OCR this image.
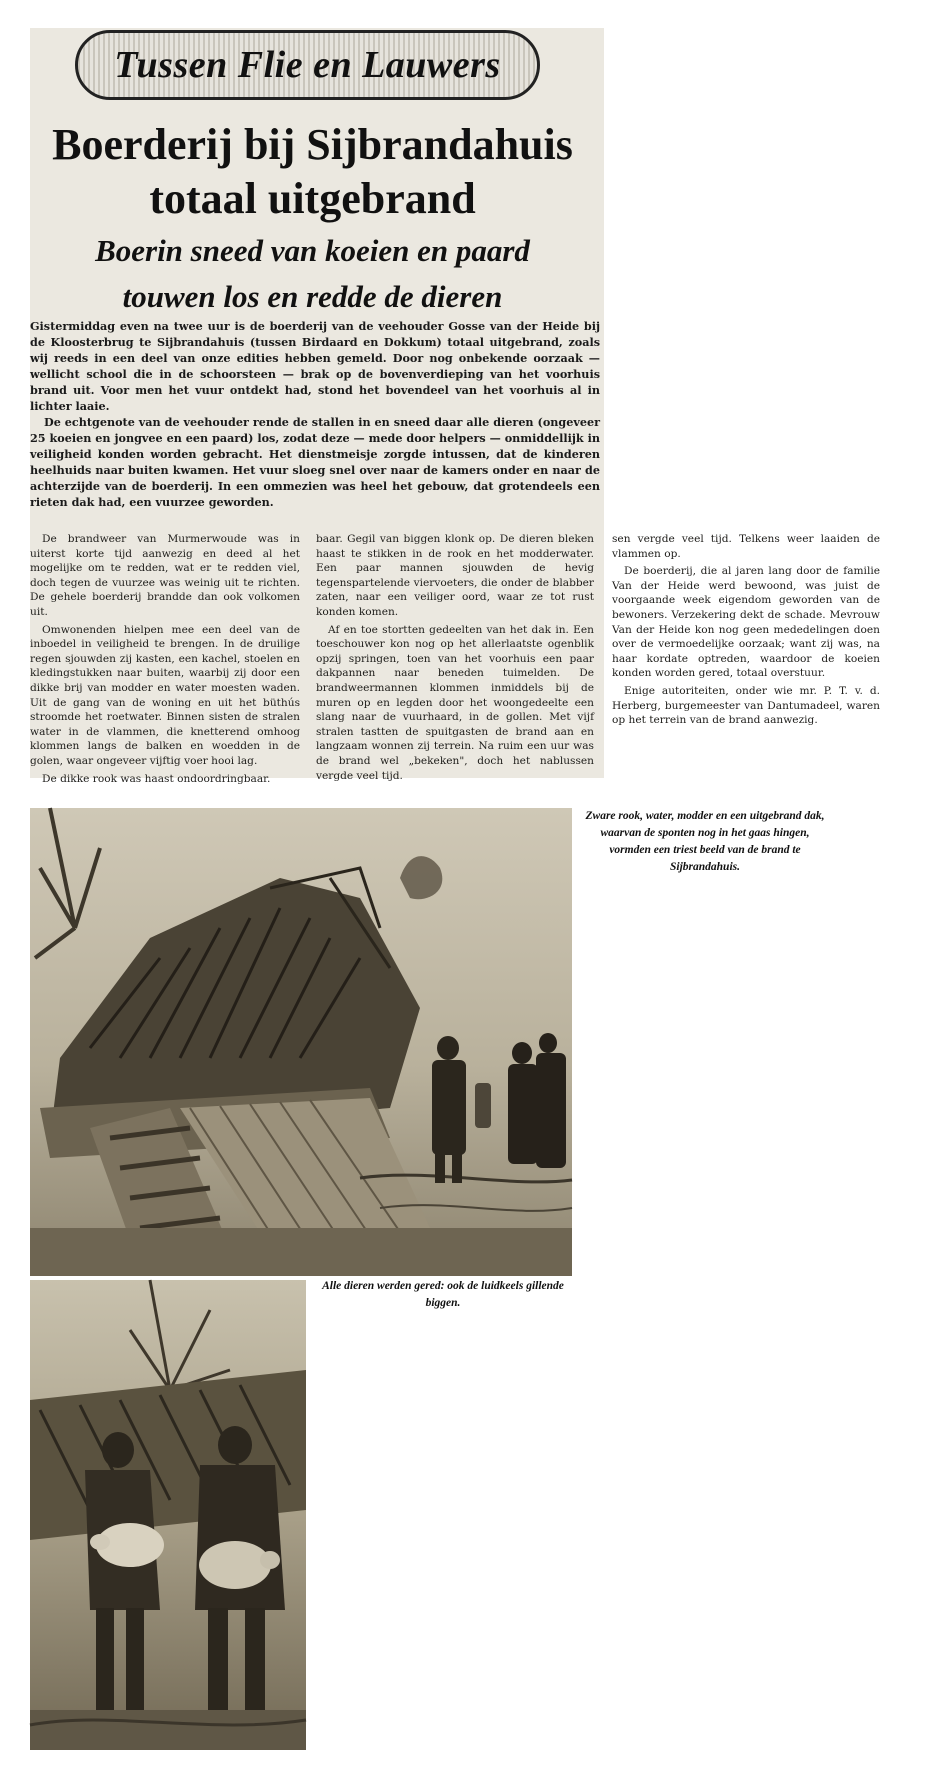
Tussen Flie en Lauwers
Boerderij bij Sijbrandahuis
totaal uitgebrand
Boerin sneed van koeien en paard
touwen los en redde de dieren

Gistermiddag even na twee uur is de boerderij van de veehouder Gosse van der Heide bij de Kloosterbrug te Sijbrandahuis (tussen Birdaard en Dokkum) totaal uitgebrand, zoals wij reeds in een deel van onze edities hebben gemeld. Door nog onbekende oorzaak — wellicht school die in de schoorsteen — brak op de bovenverdieping van het voorhuis brand uit. Voor men het vuur ontdekt had, stond het bovendeel van het voorhuis al in lichter laaie.

De echtgenote van de veehouder rende de stallen in en sneed daar alle dieren (ongeveer 25 koeien en jongvee en een paard) los, zodat deze — mede door helpers — onmiddellijk in veiligheid konden worden gebracht. Het dienstmeisje zorgde intussen, dat de kinderen heelhuids naar buiten kwamen. Het vuur sloeg snel over naar de kamers onder en naar de achterzijde van de boerderij. In een ommezien was heel het gebouw, dat grotendeels een rieten dak had, een vuurzee geworden.

De brandweer van Murmerwoude was in uiterst korte tijd aanwezig en deed al het mogelijke om te redden, wat er te redden viel, doch tegen de vuurzee was weinig uit te richten. De gehele boerderij brandde dan ook volkomen uit.

Omwonenden hielpen mee een deel van de inboedel in veiligheid te brengen. In de druilige regen sjouwden zij kasten, een kachel, stoelen en kledingstukken naar buiten, waarbij zij door een dikke brij van modder en water moesten waden. Uit de gang van de woning en uit het büthús stroomde het roetwater. Binnen sisten de stralen water in de vlammen, die knetterend omhoog klommen langs de balken en woedden in de golen, waar ongeveer vijftig voer hooi lag.

De dikke rook was haast ondoordringbaar.

baar. Gegil van biggen klonk op. De dieren bleken haast te stikken in de rook en het modderwater. Een paar mannen sjouwden de hevig tegenspartelende viervoeters, die onder de blabber zaten, naar een veiliger oord, waar ze tot rust konden komen.

Af en toe stortten gedeelten van het dak in. Een toeschouwer kon nog op het allerlaatste ogenblik opzij springen, toen van het voorhuis een paar dakpannen naar beneden tuimelden. De brandweermannen klommen inmiddels bij de muren op en legden door het woongedeelte een slang naar de vuurhaard, in de gollen. Met vijf stralen tastten de spuitgasten de brand aan en langzaam wonnen zij terrein. Na ruim een uur was de brand wel „bekeken", doch het nablussen vergde veel tijd.

sen vergde veel tijd. Telkens weer laaiden de vlammen op.

De boerderij, die al jaren lang door de familie Van der Heide werd bewoond, was juist de voorgaande week eigendom geworden van de bewoners. Verzekering dekt de schade. Mevrouw Van der Heide kon nog geen mededelingen doen over de vermoedelijke oorzaak; want zij was, na haar kordate optreden, waardoor de koeien konden worden gered, totaal overstuur.

Enige autoriteiten, onder wie mr. P. T. v. d. Herberg, burgemeester van Dantumadeel, waren op het terrein van de brand aanwezig.

Zware rook, water, modder en een uitgebrand dak, waarvan de sponten nog in het gaas hingen, vormden een triest beeld van de brand te Sijbrandahuis.

Alle dieren werden gered: ook de luidkeels gillende biggen.
